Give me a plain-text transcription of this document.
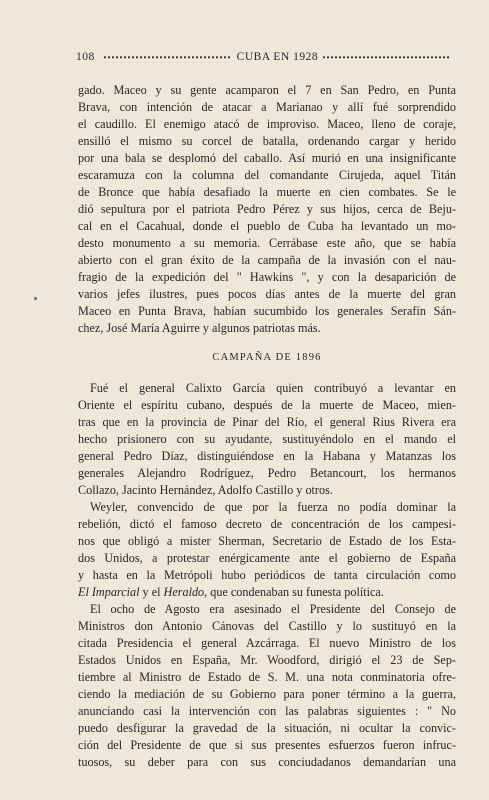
108	CUBA EN 1928
gado. Maceo y su gente acamparon el 7 en San Pedro, en Punta
Brava, con intención de atacar a Marianao y allí fué sorprendido
el caudillo. El enemigo atacó de improviso. Maceo, lleno de coraje,
ensilló el mismo su corcel de batalla, ordenando cargar y herido
por una bala se desplomó del caballo. Así murió en una insignificante
escaramuza con la columna del comandante Cirujeda, aquel Titán
de Bronce que había desafiado la muerte en cien combates. Se le
dió sepultura por el patriota Pedro Pérez y sus hijos, cerca de Beju-
cal en el Cacahual, donde el pueblo de Cuba ha levantado un mo-
desto monumento a su memoria. Cerrábase este año, que se había
abierto con el gran éxito de la campaña de la invasión con el nau-
fragio de la expedición del " Hawkins ", y con la desaparición de
varios jefes ilustres, pues pocos días antes de la muerte del gran
Maceo en Punta Brava, habían sucumbido los generales Serafín Sán-
chez, José María Aguirre y algunos patriotas más.
CAMPAÑA DE 1896
Fué el general Calixto García quien contribuyó a levantar en
Oriente el espíritu cubano, después de la muerte de Maceo, mien-
tras que en la provincia de Pinar del Río, el general Rius Rivera era
hecho prisionero con su ayudante, sustituyéndolo en el mando el
general Pedro Díaz, distinguiéndose en la Habana y Matanzas los
generales Alejandro Rodríguez, Pedro Betancourt, los hermanos
Collazo, Jacinto Hernández, Adolfo Castillo y otros.
Weyler, convencido de que por la fuerza no podía dominar la
rebelión, dictó el famoso decreto de concentración de los campesi-
nos que obligó a mister Sherman, Secretario de Estado de los Esta-
dos Unidos, a protestar enérgicamente ante el gobierno de España
y hasta en la Metrópoli hubo periódicos de tanta circulación como
El Imparcial y el Heraldo, que condenaban su funesta política.
El ocho de Agosto era asesinado el Presidente del Consejo de
Ministros don Antonio Cánovas del Castillo y lo sustituyó en la
citada Presidencia el general Azcárraga. El nuevo Ministro de los
Estados Unidos en España, Mr. Woodford, dirigió el 23 de Sep-
tiembre al Ministro de Estado de S. M. una nota conminatoria ofre-
ciendo la mediación de su Gobierno para poner término a la guerra,
anunciando casi la intervención con las palabras siguientes : " No
puedo desfigurar la gravedad de la situación, ni ocultar la convic-
ción del Presidente de que si sus presentes esfuerzos fueron infruc-
tuosos, su deber para con sus conciudadanos demandarían una
